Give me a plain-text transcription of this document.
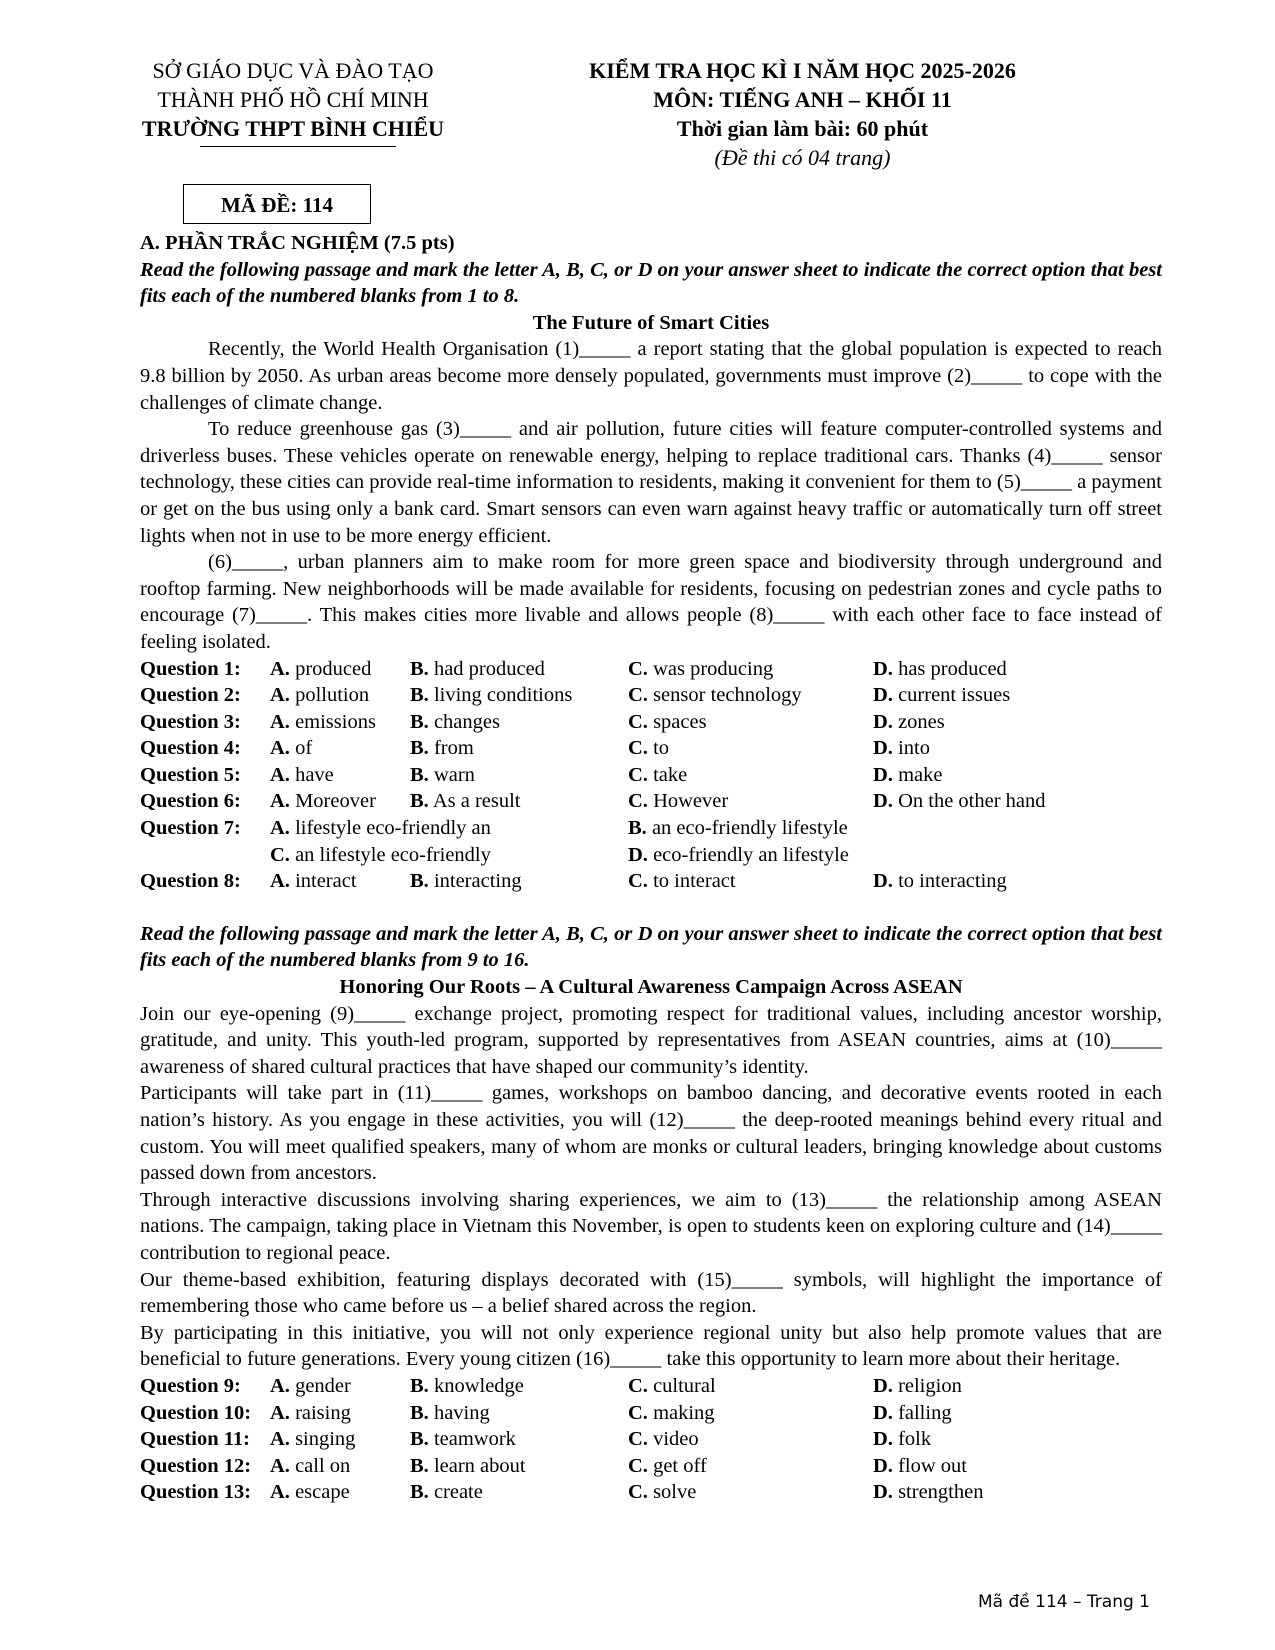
SỞ GIÁO DỤC VÀ ĐÀO TẠO
THÀNH PHỐ HỒ CHÍ MINH
TRƯỜNG THPT BÌNH CHIỂU
KIỂM TRA HỌC KÌ I NĂM HỌC 2025-2026
MÔN: TIẾNG ANH – KHỐI 11
Thời gian làm bài: 60 phút
(Đề thi có 04 trang)
MÃ ĐỀ: 114

A. PHẦN TRẮC NGHIỆM (7.5 pts)

Read the following passage and mark the letter A, B, C, or D on your answer sheet to indicate the correct option that best fits each of the numbered blanks from 1 to 8.

The Future of Smart Cities

Recently, the World Health Organisation (1)_____ a report stating that the global population is expected to reach 9.8 billion by 2050. As urban areas become more densely populated, governments must improve (2)_____ to cope with the challenges of climate change.

To reduce greenhouse gas (3)_____ and air pollution, future cities will feature computer-controlled systems and driverless buses. These vehicles operate on renewable energy, helping to replace traditional cars. Thanks (4)_____ sensor technology, these cities can provide real-time information to residents, making it convenient for them to (5)_____ a payment or get on the bus using only a bank card. Smart sensors can even warn against heavy traffic or automatically turn off street lights when not in use to be more energy efficient.

(6)_____, urban planners aim to make room for more green space and biodiversity through underground and rooftop farming. New neighborhoods will be made available for residents, focusing on pedestrian zones and cycle paths to encourage (7)_____. This makes cities more livable and allows people (8)_____ with each other face to face instead of feeling isolated.

Question 1: A. produced B. had produced	C. was producing	D. has produced
Question 2: A. pollution B. living conditions	C. sensor technology	D. current issues
Question 3: A. emissions B. changes	C. spaces	D. zones
Question 4: A. of	B. from	C. to	D. into
Question 5: A. have	B. warn	C. take	D. make
Question 6: A. Moreover B. As a result	C. However	D. On the other hand
Question 7: A. lifestyle eco-friendly an	B. an eco-friendly lifestyle
C. an lifestyle eco-friendly	D. eco-friendly an lifestyle
Question 8: A. interact	B. interacting	C. to interact	D. to interacting

Read the following passage and mark the letter A, B, C, or D on your answer sheet to indicate the correct option that best fits each of the numbered blanks from 9 to 16.

Honoring Our Roots – A Cultural Awareness Campaign Across ASEAN

Join our eye-opening (9)_____ exchange project, promoting respect for traditional values, including ancestor worship, gratitude, and unity. This youth-led program, supported by representatives from ASEAN countries, aims at (10)_____ awareness of shared cultural practices that have shaped our community’s identity.

Participants will take part in (11)_____ games, workshops on bamboo dancing, and decorative events rooted in each nation’s history. As you engage in these activities, you will (12)_____ the deep-rooted meanings behind every ritual and custom. You will meet qualified speakers, many of whom are monks or cultural leaders, bringing knowledge about customs passed down from ancestors.

Through interactive discussions involving sharing experiences, we aim to (13)_____ the relationship among ASEAN nations. The campaign, taking place in Vietnam this November, is open to students keen on exploring culture and (14)_____ contribution to regional peace.

Our theme-based exhibition, featuring displays decorated with (15)_____ symbols, will highlight the importance of remembering those who came before us – a belief shared across the region.

By participating in this initiative, you will not only experience regional unity but also help promote values that are beneficial to future generations. Every young citizen (16)_____ take this opportunity to learn more about their heritage.

Question 9: A. gender	B. knowledge	C. cultural	D. religion
Question 10: A. raising	B. having	C. making	D. falling
Question 11: A. singing	B. teamwork	C. video	D. folk
Question 12: A. call on	B. learn about	C. get off	D. flow out
Question 13: A. escape	B. create	C. solve	D. strengthen
Mã đề 114 – Trang 1
